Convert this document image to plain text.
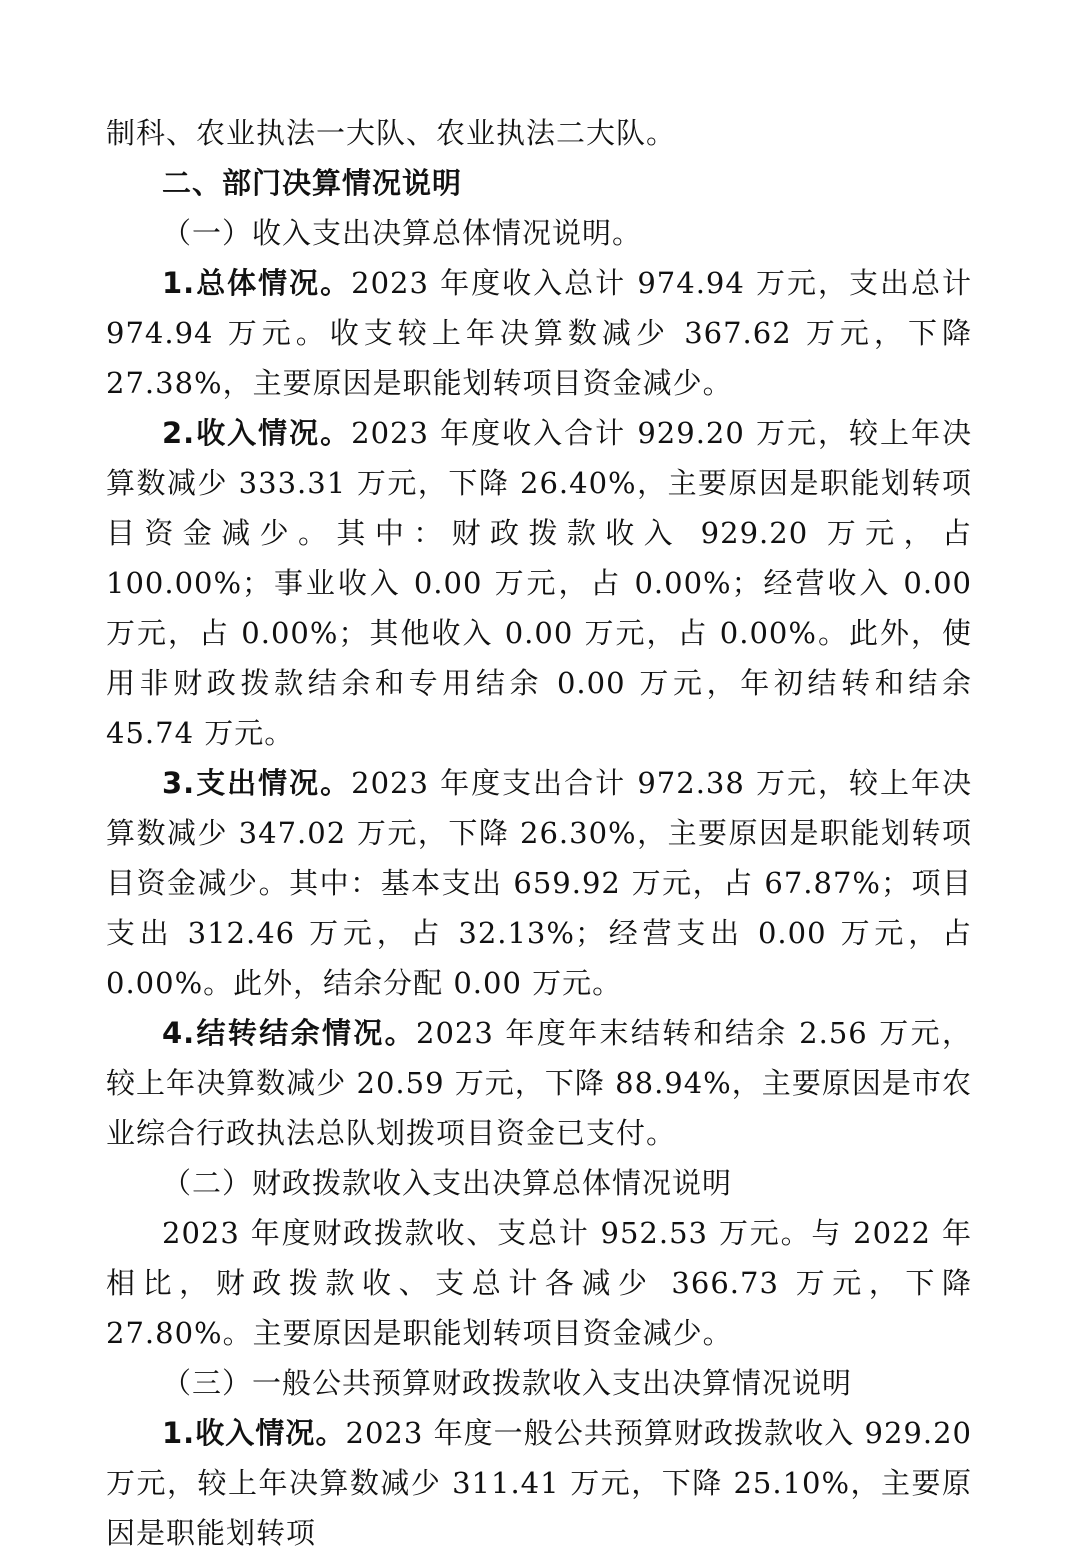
制科、农业执法一大队、农业执法二大队。

二、部门决算情况说明

（一）收入支出决算总体情况说明。

1.总体情况。2023 年度收入总计 974.94 万元，支出总计 974.94 万元。收支较上年决算数减少 367.62 万元，下降 27.38%，主要原因是职能划转项目资金减少。

2.收入情况。2023 年度收入合计 929.20 万元，较上年决算数减少 333.31 万元，下降 26.40%，主要原因是职能划转项目资金减少。其中：财政拨款收入 929.20 万元，占 100.00%；事业收入 0.00 万元，占 0.00%；经营收入 0.00 万元，占 0.00%；其他收入 0.00 万元，占 0.00%。此外，使用非财政拨款结余和专用结余 0.00 万元，年初结转和结余 45.74 万元。

3.支出情况。2023 年度支出合计 972.38 万元，较上年决算数减少 347.02 万元，下降 26.30%，主要原因是职能划转项目资金减少。其中：基本支出 659.92 万元，占 67.87%；项目支出 312.46 万元，占 32.13%；经营支出 0.00 万元，占 0.00%。此外，结余分配 0.00 万元。

4.结转结余情况。2023 年度年末结转和结余 2.56 万元，较上年决算数减少 20.59 万元，下降 88.94%，主要原因是市农业综合行政执法总队划拨项目资金已支付。

（二）财政拨款收入支出决算总体情况说明

2023 年度财政拨款收、支总计 952.53 万元。与 2022 年相比，财政拨款收、支总计各减少 366.73 万元，下降 27.80%。主要原因是职能划转项目资金减少。

（三）一般公共预算财政拨款收入支出决算情况说明

1.收入情况。2023 年度一般公共预算财政拨款收入 929.20 万元，较上年决算数减少 311.41 万元，下降 25.10%，主要原因是职能划转项
